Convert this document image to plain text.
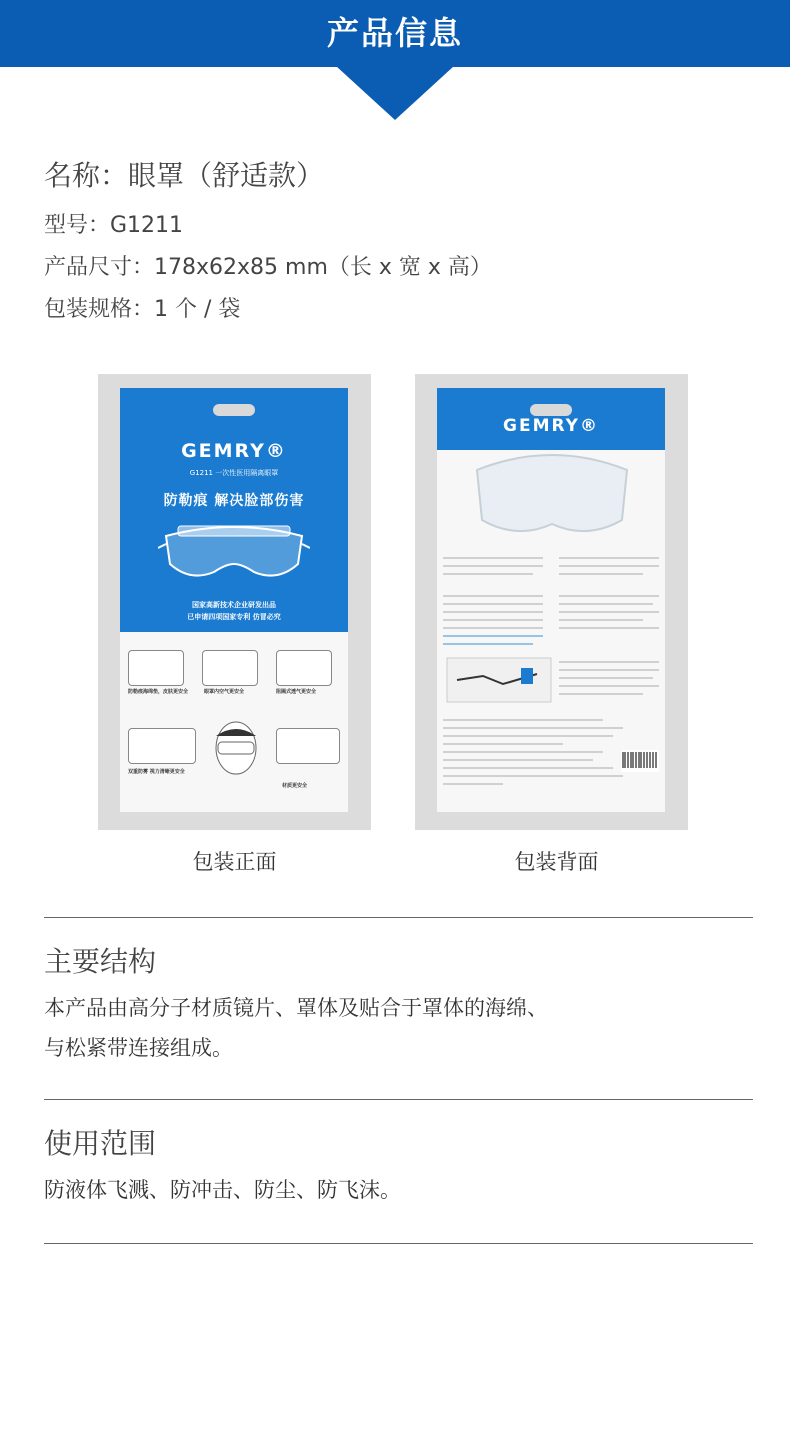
产品信息
名称：眼罩（舒适款）
型号：G1211
产品尺寸：178x62x85 mm（长 x 宽 x 高）
包装规格：1 个 / 袋
GEMRY®
G1211 一次性医用隔离眼罩
防勒痕 解决脸部伤害
国家高新技术企业研发出品
已申请四项国家专利 仿冒必究
防勒痕海绵垫，皮肤更安全	眼罩内空气更安全	阻隔式透气更安全
双重防雾 视力清晰更安全
材质更安全
GEMRY®
包装正面	包装背面
主要结构
本产品由高分子材质镜片、罩体及贴合于罩体的海绵、
与松紧带连接组成。
使用范围
防液体飞溅、防冲击、防尘、防飞沫。
